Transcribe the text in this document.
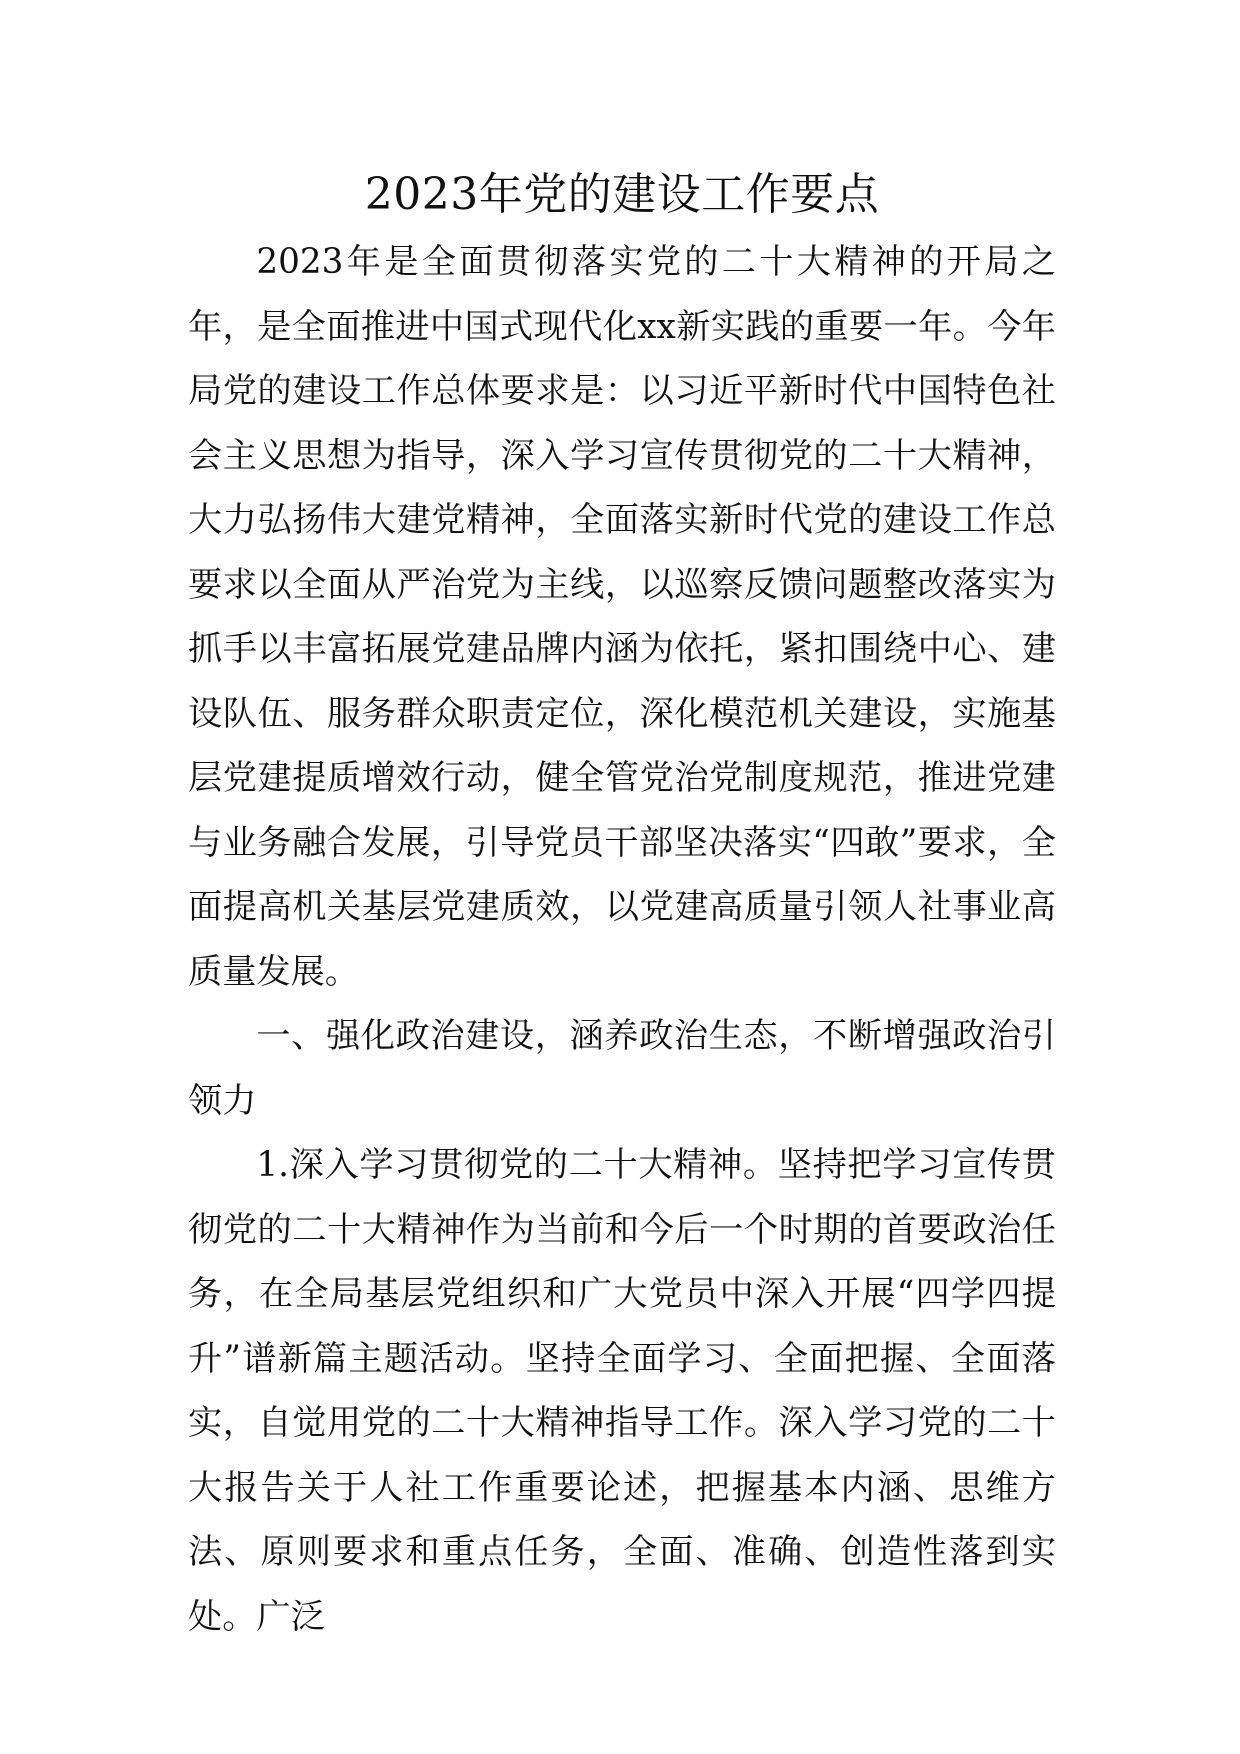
2023年党的建设工作要点

2023年是全面贯彻落实党的二十大精神的开局之年，是全面推进中国式现代化xx新实践的重要一年。今年局党的建设工作总体要求是：以习近平新时代中国特色社会主义思想为指导，深入学习宣传贯彻党的二十大精神，大力弘扬伟大建党精神，全面落实新时代党的建设工作总要求以全面从严治党为主线，以巡察反馈问题整改落实为抓手以丰富拓展党建品牌内涵为依托，紧扣围绕中心、建设队伍、服务群众职责定位，深化模范机关建设，实施基层党建提质增效行动，健全管党治党制度规范，推进党建与业务融合发展，引导党员干部坚决落实“四敢”要求，全面提高机关基层党建质效，以党建高质量引领人社事业高质量发展。

一、强化政治建设，涵养政治生态，不断增强政治引领力

1.深入学习贯彻党的二十大精神。坚持把学习宣传贯彻党的二十大精神作为当前和今后一个时期的首要政治任务，在全局基层党组织和广大党员中深入开展“四学四提升”谱新篇主题活动。坚持全面学习、全面把握、全面落实，自觉用党的二十大精神指导工作。深入学习党的二十大报告关于人社工作重要论述，把握基本内涵、思维方法、原则要求和重点任务，全面、准确、创造性落到实处。广泛
